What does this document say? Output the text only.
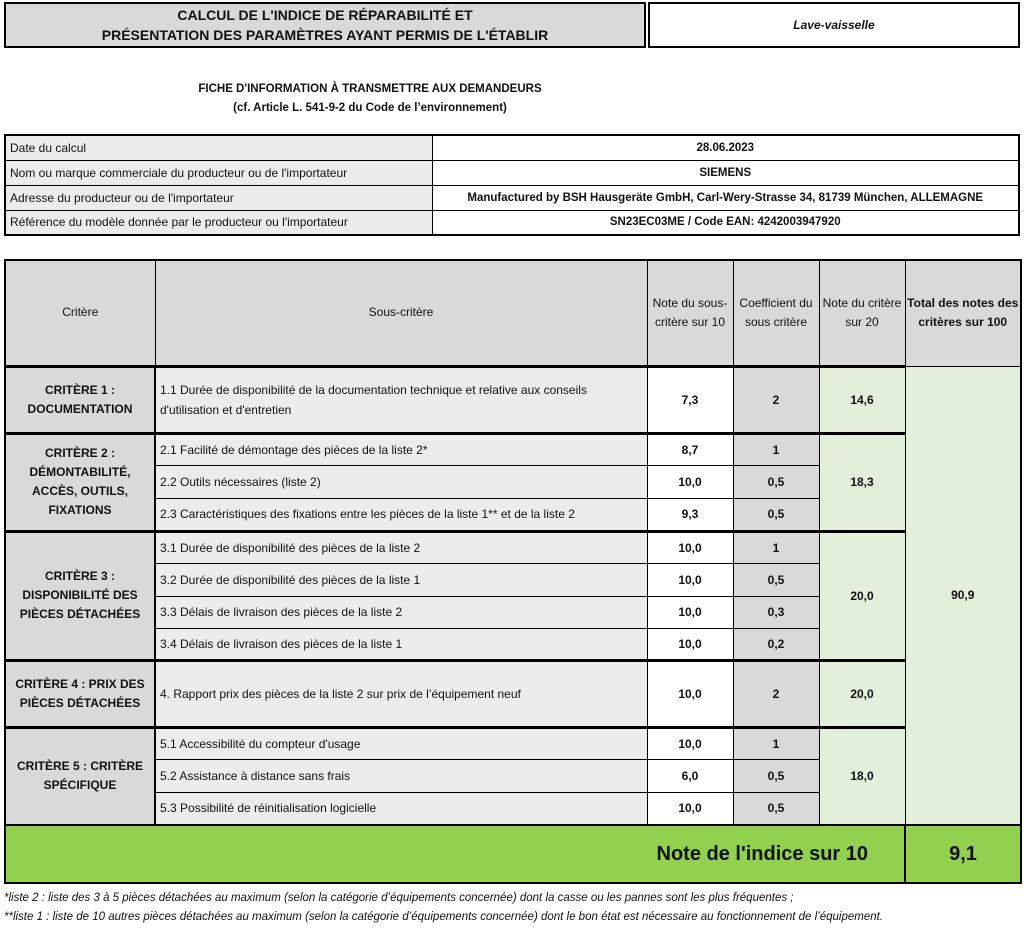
CALCUL DE L'INDICE DE RÉPARABILITÉ ET
PRÉSENTATION DES PARAMÈTRES AYANT PERMIS DE L'ÉTABLIR
Lave-vaisselle
FICHE D'INFORMATION À TRANSMETTRE AUX DEMANDEURS
(cf. Article L. 541-9-2 du Code de l’environnement)
Date du calcul	28.06.2023
Nom ou marque commerciale du producteur ou de l'importateur	SIEMENS
Adresse du producteur ou de l'importateur	Manufactured by BSH Hausgeräte GmbH, Carl-Wery-Strasse 34, 81739 München, ALLEMAGNE
Référence du modèle donnée par le producteur ou l'importateur	SN23EC03ME / Code EAN: 4242003947920
Critère	Sous-critère	Note du sous-critère sur 10	Coefficient du sous critère	Note du critère sur 20	Total des notes des critères sur 100
CRITÈRE 1 : DOCUMENTATION	1.1 Durée de disponibilité de la documentation technique et relative aux conseils d'utilisation et d'entretien	7,3	2	14,6	90,9
CRITÈRE 2 : DÉMONTABILITÉ, ACCÈS, OUTILS, FIXATIONS	2.1 Facilité de démontage des pièces de la liste 2*	8,7	1	18,3	
	2.2 Outils nécessaires (liste 2)	10,0	0,5		
	2.3 Caractéristiques des fixations entre les pièces de la liste 1** et de la liste 2	9,3	0,5		
CRITÈRE 3 : DISPONIBILITÉ DES PIÈCES DÉTACHÉES	3.1 Durée de disponibilité des pièces de la liste 2	10,0	1	20,0	
	3.2 Durée de disponibilité des pièces de la liste 1	10,0	0,5		
	3.3 Délais de livraison des pièces de la liste 2	10,0	0,3		
	3.4 Délais de livraison des pièces de la liste 1	10,0	0,2		
CRITÈRE 4 : PRIX DES PIÈCES DÉTACHÉES	4. Rapport prix des pièces de la liste 2 sur prix de l’équipement neuf	10,0	2	20,0	
CRITÈRE 5 : CRITÈRE SPÉCIFIQUE	5.1 Accessibilité du compteur d'usage	10,0	1	18,0	
	5.2 Assistance à distance sans frais	6,0	0,5		
	5.3 Possibilité de réinitialisation logicielle	10,0	0,5		
Note de l'indice sur 10					9,1
*liste 2 : liste des 3 à 5 pièces détachées au maximum (selon la catégorie d’équipements concernée) dont la casse ou les pannes sont les plus fréquentes ;
**liste 1 : liste de 10 autres pièces détachées au maximum (selon la catégorie d’équipements concernée) dont le bon état est nécessaire au fonctionnement de l’équipement.
